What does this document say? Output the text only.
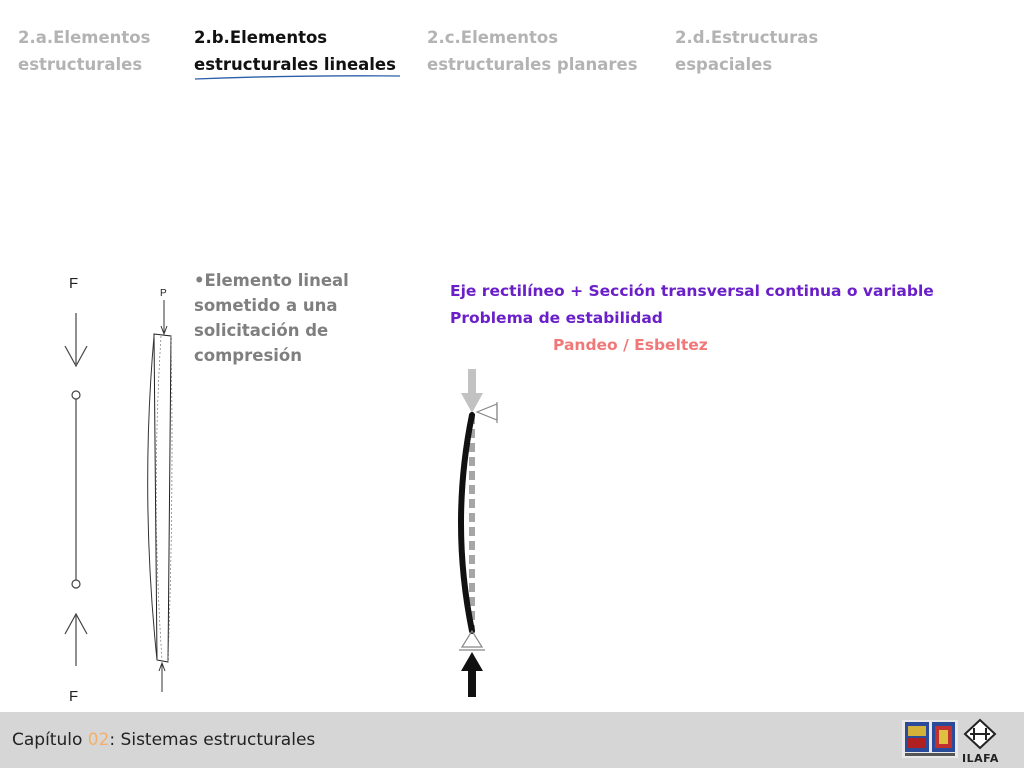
2.a.Elementos
estructurales
2.b.Elementos
estructurales lineales
2.c.Elementos
estructurales planares
2.d.Estructuras
espaciales
•Elemento lineal
sometido a una
solicitación de
compresión
Eje rectilíneo + Sección transversal continua o variable
Problema de estabilidad
Pandeo / Esbeltez
F
F
P
Capítulo 02: Sistemas estructurales
ILAFA
